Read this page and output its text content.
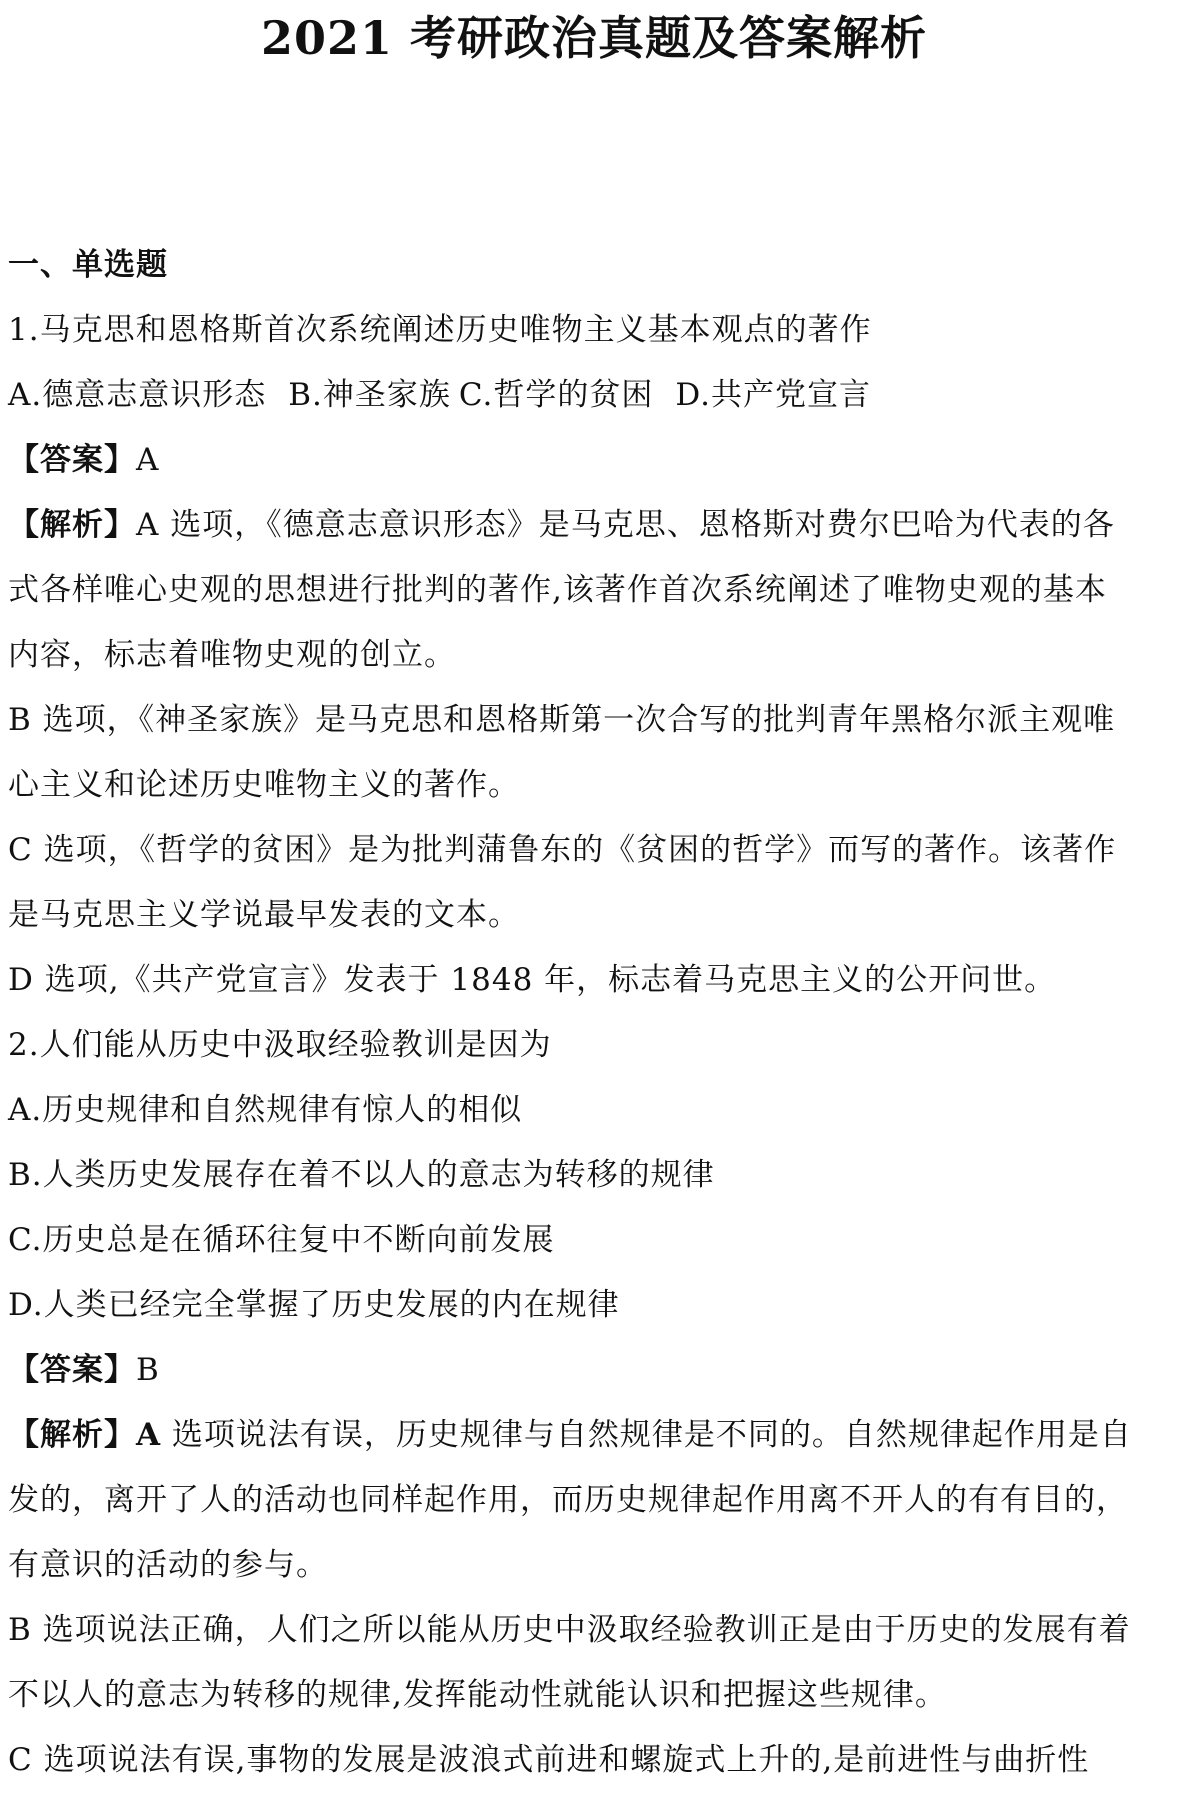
2021 考研政治真题及答案解析
一、单选题
1.马克思和恩格斯首次系统阐述历史唯物主义基本观点的著作
A.德意志意识形态 B.神圣家族 C.哲学的贫困 D.共产党宣言
【答案】A
【解析】A 选项，《德意志意识形态》是马克思、恩格斯对费尔巴哈为代表的各
式各样唯心史观的思想进行批判的著作,该著作首次系统阐述了唯物史观的基本
内容，标志着唯物史观的创立。
B 选项，《神圣家族》是马克思和恩格斯第一次合写的批判青年黑格尔派主观唯
心主义和论述历史唯物主义的著作。
C 选项，《哲学的贫困》是为批判蒲鲁东的《贫困的哲学》而写的著作。该著作
是马克思主义学说最早发表的文本。
D 选项,《共产党宣言》发表于 1848 年，标志着马克思主义的公开问世。
2.人们能从历史中汲取经验教训是因为
A.历史规律和自然规律有惊人的相似
B.人类历史发展存在着不以人的意志为转移的规律
C.历史总是在循环往复中不断向前发展
D.人类已经完全掌握了历史发展的内在规律
【答案】B
【解析】A 选项说法有误，历史规律与自然规律是不同的。自然规律起作用是自
发的，离开了人的活动也同样起作用，而历史规律起作用离不开人的有有目的，
有意识的活动的参与。
B 选项说法正确，人们之所以能从历史中汲取经验教训正是由于历史的发展有着
不以人的意志为转移的规律,发挥能动性就能认识和把握这些规律。
C 选项说法有误,事物的发展是波浪式前进和螺旋式上升的,是前进性与曲折性
